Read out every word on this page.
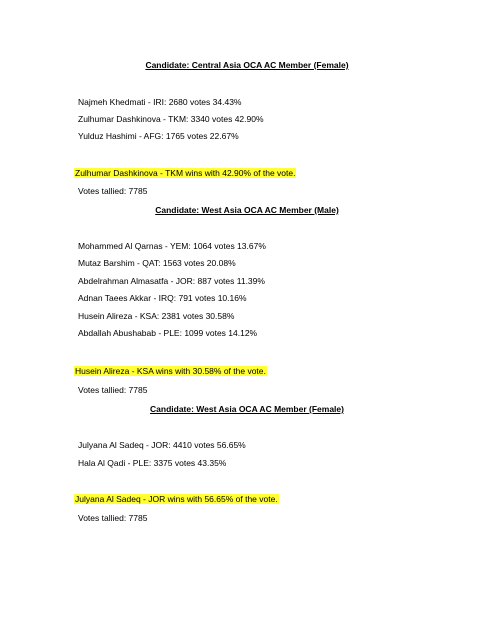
Candidate: Central Asia OCA AC Member (Female)
Najmeh Khedmati - IRI: 2680 votes 34.43%
Zulhumar Dashkinova - TKM: 3340 votes 42.90%
Yulduz Hashimi - AFG: 1765 votes 22.67%
Zulhumar Dashkinova - TKM wins with 42.90% of the vote.
Votes tallied: 7785
Candidate: West Asia OCA AC Member (Male)
Mohammed Al Qarnas - YEM: 1064 votes 13.67%
Mutaz Barshim - QAT: 1563 votes 20.08%
Abdelrahman Almasatfa - JOR: 887 votes 11.39%
Adnan Taees Akkar - IRQ: 791 votes 10.16%
Husein Alireza - KSA: 2381 votes 30.58%
Abdallah Abushabab - PLE: 1099 votes 14.12%
Husein Alireza - KSA wins with 30.58% of the vote.
Votes tallied: 7785
Candidate: West Asia OCA AC Member (Female)
Julyana Al Sadeq - JOR: 4410 votes 56.65%
Hala Al Qadi - PLE: 3375 votes 43.35%
Julyana Al Sadeq - JOR wins with 56.65% of the vote.
Votes tallied: 7785
